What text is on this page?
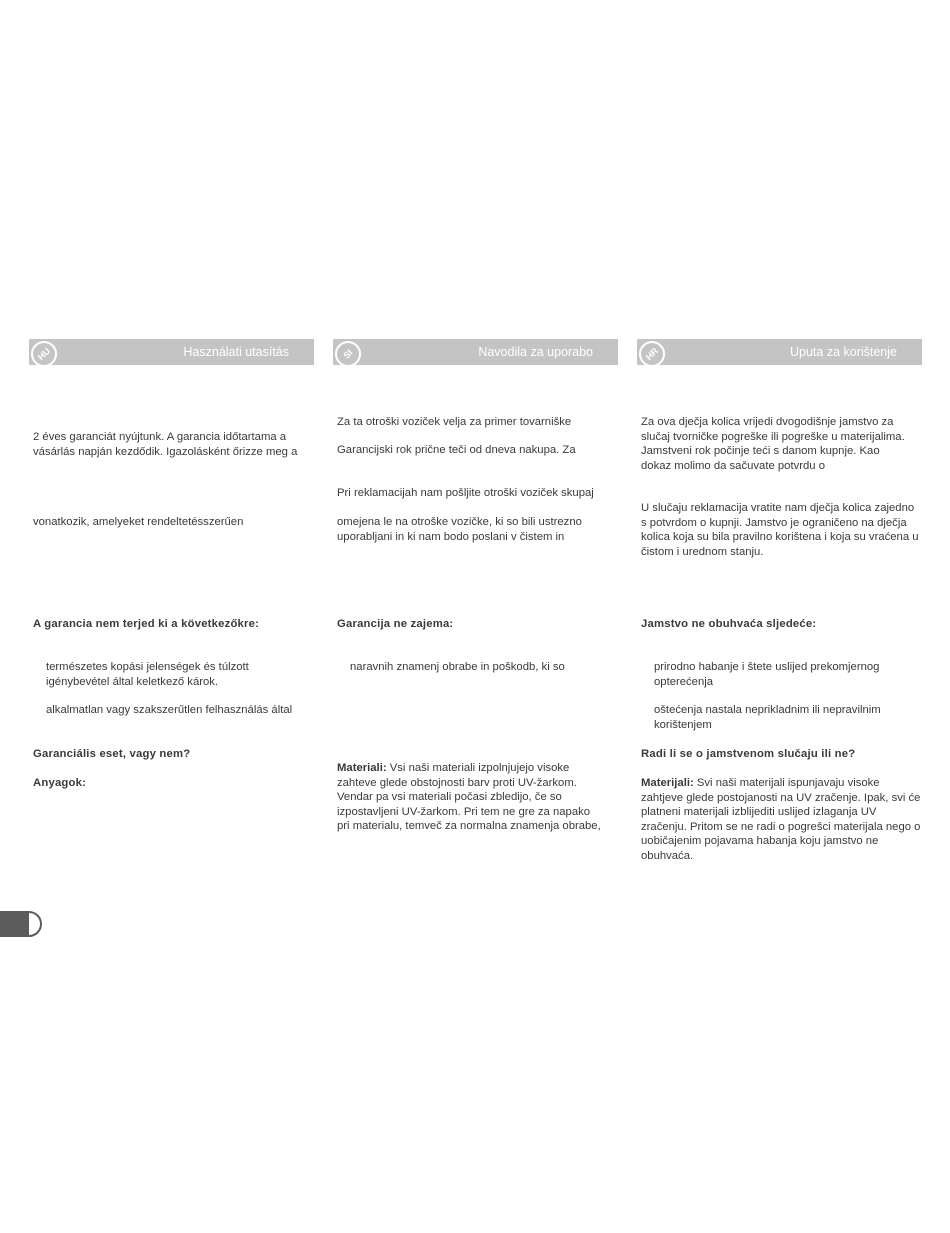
Használati utasítás
HU

2 éves garanciát nyújtunk. A garancia időtartama a vásárlás napján kezdődik. Igazolásként őrizze meg a

vonatkozik, amelyeket rendeltetésszerűen

A garancia nem terjed ki a következőkre:

természetes kopási jelenségek és túlzott igénybevétel által keletkező károk.

alkalmatlan vagy szakszerűtlen felhasználás által

Garanciális eset, vagy nem?

Anyagok:

Navodila za uporabo
SI

Za ta otroški voziček velja za primer tovarniške

Garancijski rok prične teči od dneva nakupa. Za

Pri reklamacijah nam pošljite otroški voziček skupaj

omejena le na otroške vozičke, ki so bili ustrezno uporabljani in ki nam bodo poslani v čistem in

Garancija ne zajema:

naravnih znamenj obrabe in poškodb, ki so

Materiali: Vsi naši materiali izpolnjujejo visoke zahteve glede obstojnosti barv proti UV-žarkom. Vendar pa vsi materiali počasi zbledijo, če so izpostavljeni UV-žarkom. Pri tem ne gre za napako pri materialu, temveč za normalna znamenja obrabe,

Uputa za korištenje
HR

Za ova dječja kolica vrijedi dvogodišnje jamstvo za slučaj tvorničke pogreške ili pogreške u materijalima. Jamstveni rok počinje teći s danom kupnje. Kao dokaz molimo da sačuvate potvrdu o

U slučaju reklamacija vratite nam dječja kolica zajedno s potvrdom o kupnji. Jamstvo je ograničeno na dječja kolica koja su bila pravilno korištena i koja su vraćena u čistom i urednom stanju.

Jamstvo ne obuhvaća sljedeće:

prirodno habanje i štete uslijed prekomjernog opterećenja

oštećenja nastala neprikladnim ili nepravilnim korištenjem

Radi li se o jamstvenom slučaju ili ne?

Materijali: Svi naši materijali ispunjavaju visoke zahtjeve glede postojanosti na UV zračenje. Ipak, svi će platneni materijali izblijediti uslijed izlaganja UV zračenju. Pritom se ne radi o pogrešci materijala nego o uobičajenim pojavama habanja koju jamstvo ne obuhvaća.
